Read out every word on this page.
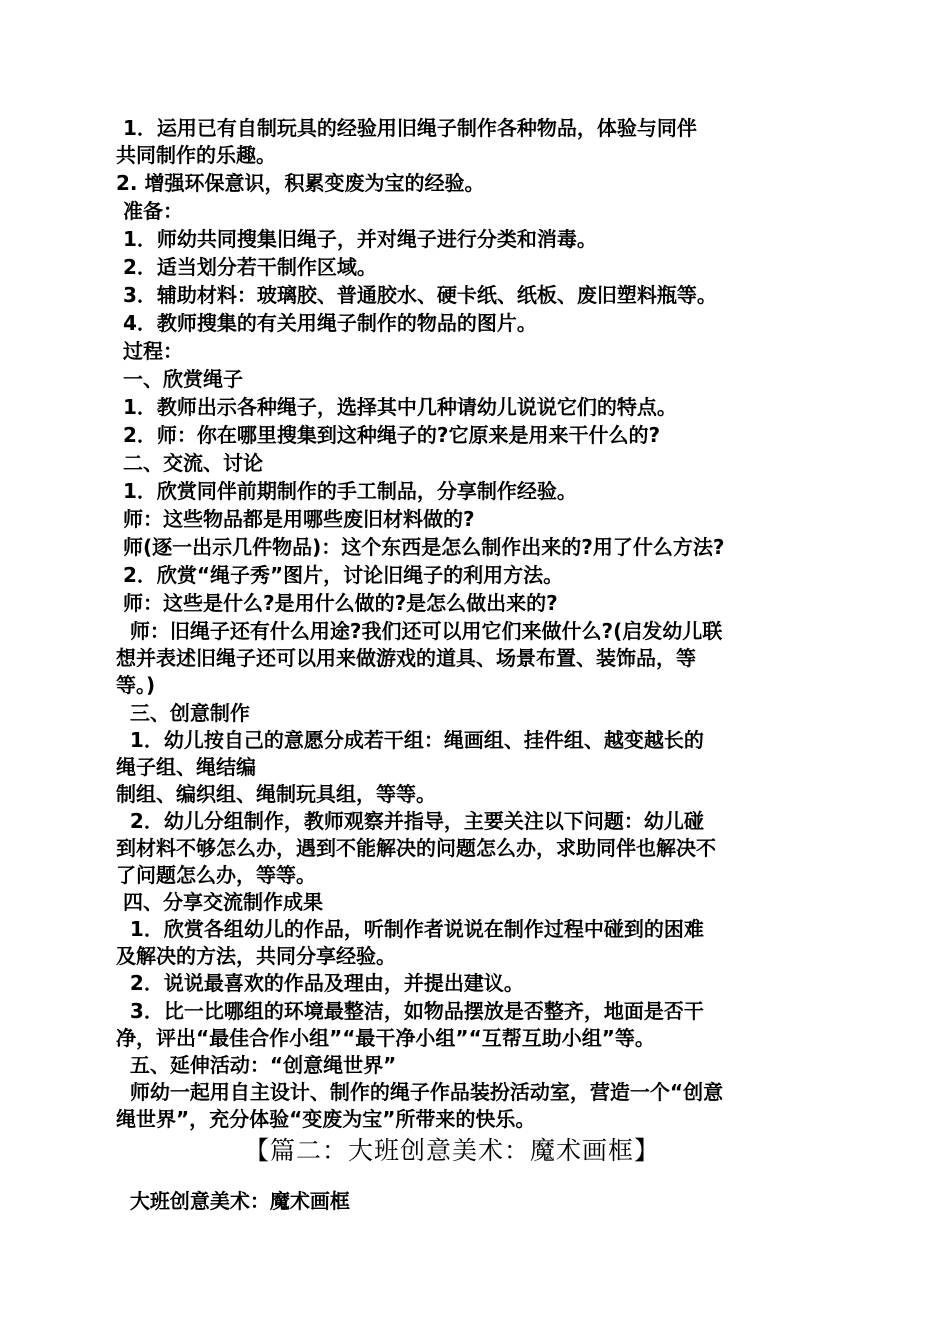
1．运用已有自制玩具的经验用旧绳子制作各种物品，体验与同伴
共同制作的乐趣。
2. 增强环保意识，积累变废为宝的经验。
准备：
1．师幼共同搜集旧绳子，并对绳子进行分类和消毒。
2．适当划分若干制作区域。
3．辅助材料：玻璃胶、普通胶水、硬卡纸、纸板、废旧塑料瓶等。
4．教师搜集的有关用绳子制作的物品的图片。
过程：
一、欣赏绳子
1．教师出示各种绳子，选择其中几种请幼儿说说它们的特点。
2．师：你在哪里搜集到这种绳子的?它原来是用来干什么的?
二、交流、讨论
1．欣赏同伴前期制作的手工制品，分享制作经验。
师：这些物品都是用哪些废旧材料做的?
师(逐一出示几件物品)：这个东西是怎么制作出来的?用了什么方法?
2．欣赏“绳子秀”图片，讨论旧绳子的利用方法。
师：这些是什么?是用什么做的?是怎么做出来的?
师：旧绳子还有什么用途?我们还可以用它们来做什么?(启发幼儿联
想并表述旧绳子还可以用来做游戏的道具、场景布置、装饰品，等
等。)
三、创意制作
1．幼儿按自己的意愿分成若干组：绳画组、挂件组、越变越长的
绳子组、绳结编
制组、编织组、绳制玩具组，等等。
2．幼儿分组制作，教师观察并指导，主要关注以下问题：幼儿碰
到材料不够怎么办，遇到不能解决的问题怎么办，求助同伴也解决不
了问题怎么办，等等。
四、分享交流制作成果
1．欣赏各组幼儿的作品，听制作者说说在制作过程中碰到的困难
及解决的方法，共同分享经验。
2．说说最喜欢的作品及理由，并提出建议。
3．比一比哪组的环境最整洁，如物品摆放是否整齐，地面是否干
净，评出“最佳合作小组”“最干净小组”“互帮互助小组”等。
五、延伸活动：“创意绳世界”
师幼一起用自主设计、制作的绳子作品装扮活动室，营造一个“创意
绳世界”，充分体验“变废为宝”所带来的快乐。
【篇二：大班创意美术：魔术画框】
大班创意美术：魔术画框
